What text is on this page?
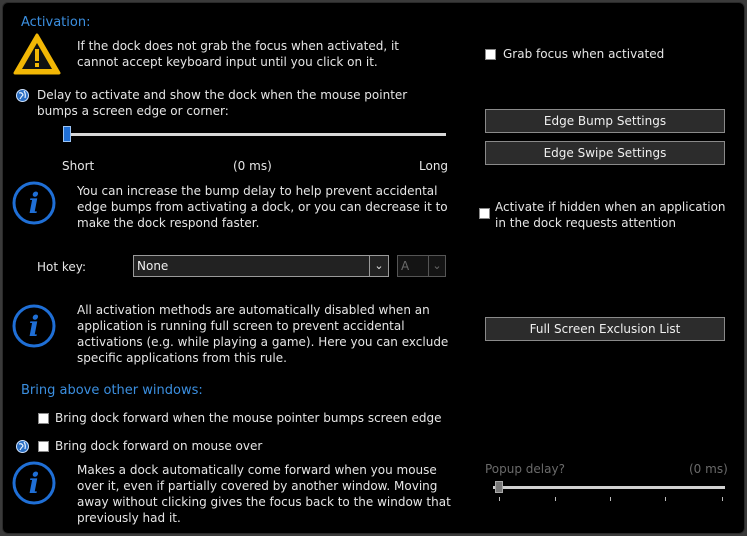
Activation:
If the dock does not grab the focus when activated, it cannot accept keyboard input until you click on it.
Grab focus when activated
Delay to activate and show the dock when the mouse pointer bumps a screen edge or corner:
Short	(0 ms)	Long
Edge Bump Settings
Edge Swipe Settings
i	You can increase the bump delay to help prevent accidental edge bumps from activating a dock, or you can decrease it to make the dock respond faster.
Activate if hidden when an application in the dock requests attention
Hot key:	None	⌄	A	⌄
i	All activation methods are automatically disabled when an application is running full screen to prevent accidental activations (e.g. while playing a game). Here you can exclude specific applications from this rule.
Full Screen Exclusion List
Bring above other windows:
Bring dock forward when the mouse pointer bumps screen edge
Bring dock forward on mouse over
i	Makes a dock automatically come forward when you mouse over it, even if partially covered by another window. Moving away without clicking gives the focus back to the window that previously had it.
Popup delay?	(0 ms)
